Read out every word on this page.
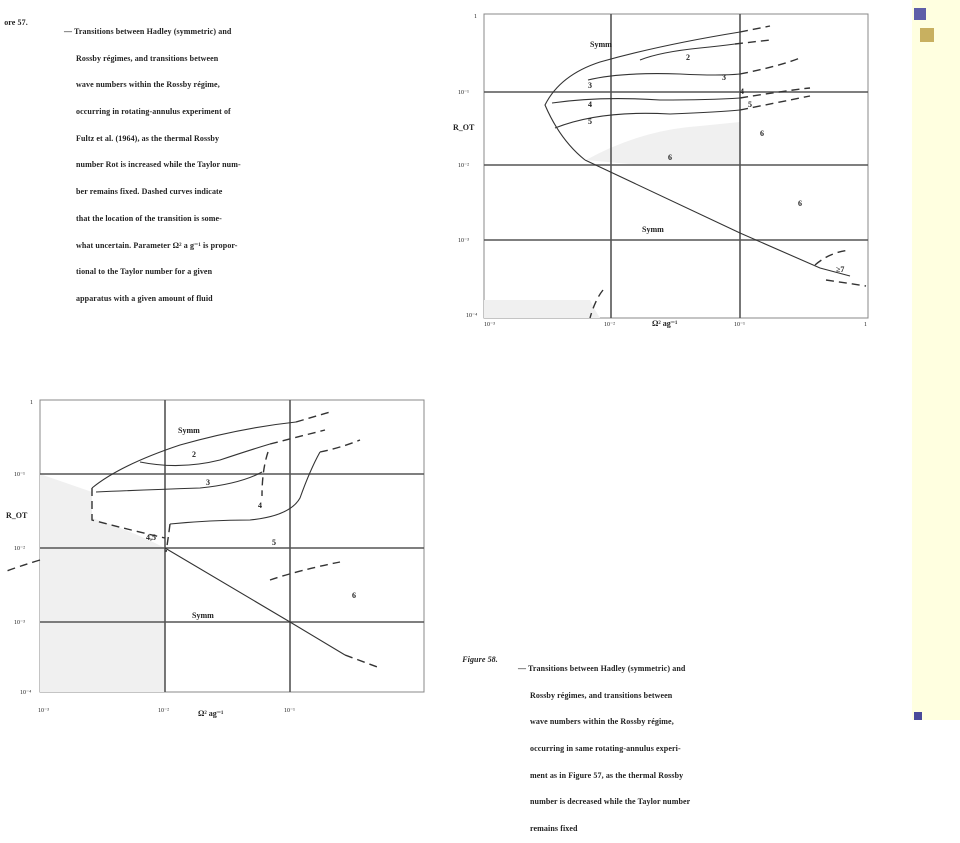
ore 57.

— Transitions between Hadley (symmetric) and

Rossby régimes, and transitions between

wave numbers within the Rossby régime,

occurring in rotating-annulus experiment of

Fultz et al. (1964), as the thermal Rossby

number Rot is increased while the Taylor num-

ber remains fixed. Dashed curves indicate

that the location of the transition is some-

what uncertain. Parameter Ω² a g⁻¹ is propor-

tional to the Taylor number for a given

apparatus with a given amount of fluid

Figure 58.

— Transitions between Hadley (symmetric) and

Rossby régimes, and transitions between

wave numbers within the Rossby régime,

occurring in same rotating-annulus experi-

ment as in Figure 57, as the thermal Rossby

number is decreased while the Taylor number

remains fixed

Symm
2
3
4
5
6
Symm
6
6
≥7
3
4
5
R_OT
Ω² ag⁻¹
1
10⁻¹
10⁻²
10⁻³
10⁻⁴
10⁻³	10⁻²	10⁻¹	1
Symm
2
3
4
4,5
5
6
Symm
R_OT
Ω² ag⁻¹
1
10⁻¹
10⁻²
10⁻³
10⁻⁴
10⁻³	10⁻²	10⁻¹
